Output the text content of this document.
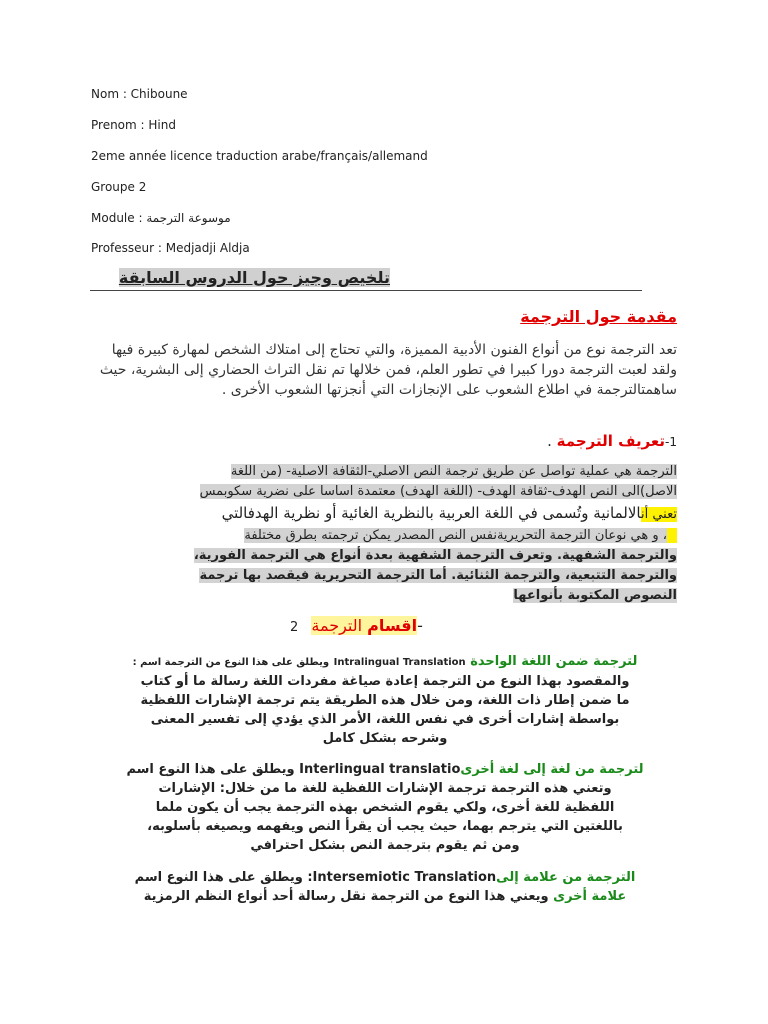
Nom : Chiboune
Prenom : Hind
2eme année licence traduction arabe/français/allemand
Groupe 2
Module : موسوعة الترجمة
Professeur : Medjadji Aldja
تلخيص وجيز حول الدروس السابقة
مقدمة حول الترجمة
تعد الترجمة نوع من أنواع الفنون الأدبية المميزة، والتي تحتاج إلى امتلاك الشخص لمهارة كبيرة فيها ولقد لعبت الترجمة دورا كبيرا في تطور العلم، فمن خلالها تم نقل التراث الحضاري إلى البشرية، حيث ساهمتالترجمة في اطلاع الشعوب على الإنجازات التي أنجزتها الشعوب الأخرى .
1-تعريف الترجمة .
الترجمة هي عملية تواصل عن طريق ترجمة النص الاصلي-الثقافة الاصلية- (من اللغة
الاصل)الى النص الهدف-ثقافة الهدف- (اللغة الهدف) معتمدة اساسا على نضرية سكوبمس
تعني أنالالمانية وتُسمى في اللغة العربية بالنظرية الغائية أو نظرية الهدفالتي
، و هي نوعان الترجمة التحريريةنفس النص المصدر يمكن ترجمته بطرق مختلفة
والترجمة الشفهية. وتعرف الترجمة الشفهية بعدة أنواع هي الترجمة الفورية،
والترجمة التتبعية، والترجمة الثنائية. أما الترجمة التحريرية فيقصد بها ترجمة
النصوص المكتوبة بأنواعها
2	اقسام الترجمة	-
لترجمة ضمن اللغة الواحدة Intralingual Translation ويطلق على هذا النوع من الترجمة اسم :
والمقصود بهذا النوع من الترجمة إعادة صياغة مفردات اللغة رسالة ما أو كتاب
ما ضمن إطار ذات اللغة، ومن خلال هذه الطريقة يتم ترجمة الإشارات اللفظية
بواسطة إشارات أخرى في نفس اللغة، الأمر الذي يؤدي إلى تفسير المعنى
وشرحه بشكل كامل
لترجمة من لغة إلى لغة أخرىInterlingual translatio ويطلق على هذا النوع اسم
وتعني هذه الترجمة ترجمة الإشارات اللفظية للغة ما من خلال: الإشارات
اللفظية للغة أخرى، ولكي يقوم الشخص بهذه الترجمة يجب أن يكون ملما
باللغتين التي يترجم بهما، حيث يجب أن يقرأ النص ويفهمه ويصيغه بأسلوبه،
ومن ثم يقوم بترجمة النص بشكل احترافي
الترجمة من علامة إلىIntersemiotic Translation: ويطلق على هذا النوع اسم
علامة أخرى ويعني هذا النوع من الترجمة نقل رسالة أحد أنواع النظم الرمزية
